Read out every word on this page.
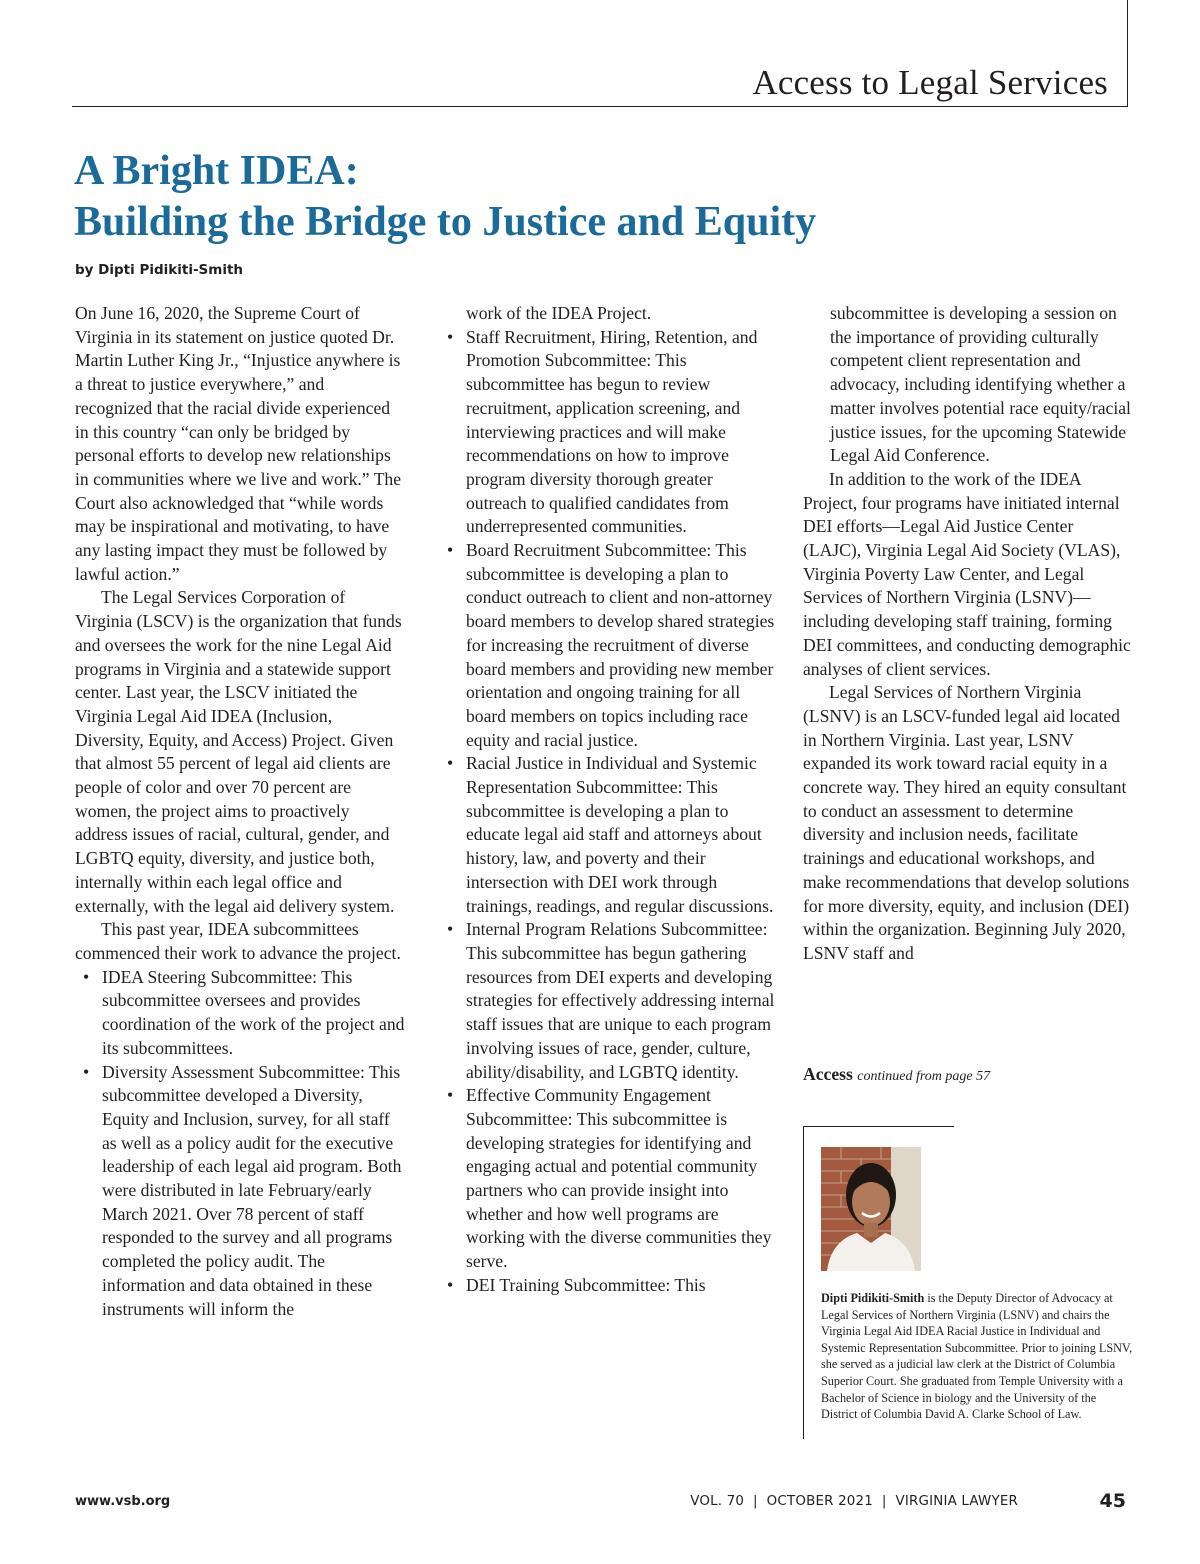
Access to Legal Services
A Bright IDEA:
Building the Bridge to Justice and Equity
by Dipti Pidikiti-Smith

On June 16, 2020, the Supreme Court of Virginia in its statement on justice quoted Dr. Martin Luther King Jr., “Injustice anywhere is a threat to justice everywhere,” and recognized that the racial divide experienced in this country “can only be bridged by personal efforts to develop new relationships in communities where we live and work.” The Court also acknowledged that “while words may be inspirational and motivating, to have any lasting impact they must be followed by lawful action.”

The Legal Services Corporation of Virginia (LSCV) is the organization that funds and oversees the work for the nine Legal Aid programs in Virginia and a statewide support center. Last year, the LSCV initiated the Virginia Legal Aid IDEA (Inclusion, Diversity, Equity, and Access) Project. Given that almost 55 percent of legal aid clients are people of color and over 70 percent are women, the project aims to proactively address issues of racial, cultural, gender, and LGBTQ equity, diversity, and justice both, internally within each legal office and externally, with the legal aid delivery system.

This past year, IDEA subcommittees commenced their work to advance the project.

• IDEA Steering Subcommittee: This subcommittee oversees and provides coordination of the work of the project and its subcommittees.
• Diversity Assessment Subcommittee: This subcommittee developed a Diversity, Equity and Inclusion, survey, for all staff as well as a policy audit for the executive leadership of each legal aid program. Both were distributed in late February/early March 2021. Over 78 percent of staff responded to the survey and all programs completed the policy audit. The information and data obtained in these instruments will inform the

work of the IDEA Project.

• Staff Recruitment, Hiring, Retention, and Promotion Subcommittee: This subcommittee has begun to review recruitment, application screening, and interviewing practices and will make recommendations on how to improve program diversity thorough greater outreach to qualified candidates from underrepresented communities.
• Board Recruitment Subcommittee: This subcommittee is developing a plan to conduct outreach to client and non-attorney board members to develop shared strategies for increasing the recruitment of diverse board members and providing new member orientation and ongoing training for all board members on topics including race equity and racial justice.
• Racial Justice in Individual and Systemic Representation Subcommittee: This subcommittee is developing a plan to educate legal aid staff and attorneys about history, law, and poverty and their intersection with DEI work through trainings, readings, and regular discussions.
• Internal Program Relations Subcommittee: This subcommittee has begun gathering resources from DEI experts and developing strategies for effectively addressing internal staff issues that are unique to each program involving issues of race, gender, culture, ability/disability, and LGBTQ identity.
• Effective Community Engagement Subcommittee: This subcommittee is developing strategies for identifying and engaging actual and potential community partners who can provide insight into whether and how well programs are working with the diverse communities they serve.
• DEI Training Subcommittee: This

subcommittee is developing a session on the importance of providing culturally competent client representation and advocacy, including identifying whether a matter involves potential race equity/racial justice issues, for the upcoming Statewide Legal Aid Conference.

In addition to the work of the IDEA Project, four programs have initiated internal DEI efforts—Legal Aid Justice Center (LAJC), Virginia Legal Aid Society (VLAS), Virginia Poverty Law Center, and Legal Services of Northern Virginia (LSNV)—including developing staff training, forming DEI committees, and conducting demographic analyses of client services.

Legal Services of Northern Virginia (LSNV) is an LSCV-funded legal aid located in Northern Virginia. Last year, LSNV expanded its work toward racial equity in a concrete way. They hired an equity consultant to conduct an assessment to determine diversity and inclusion needs, facilitate trainings and educational workshops, and make recommendations that develop solutions for more diversity, equity, and inclusion (DEI) within the organization. Beginning July 2020, LSNV staff and

Access continued from page 57
Dipti Pidikiti-Smith is the Deputy Director of Advocacy at Legal Services of Northern Virginia (LSNV) and chairs the Virginia Legal Aid IDEA Racial Justice in Individual and Systemic Representation Subcommittee. Prior to joining LSNV, she served as a judicial law clerk at the District of Columbia Superior Court. She graduated from Temple University with a Bachelor of Science in biology and the University of the District of Columbia David A. Clarke School of Law.
www.vsb.org	VOL. 70  |  OCTOBER 2021  |  VIRGINIA LAWYER	45
